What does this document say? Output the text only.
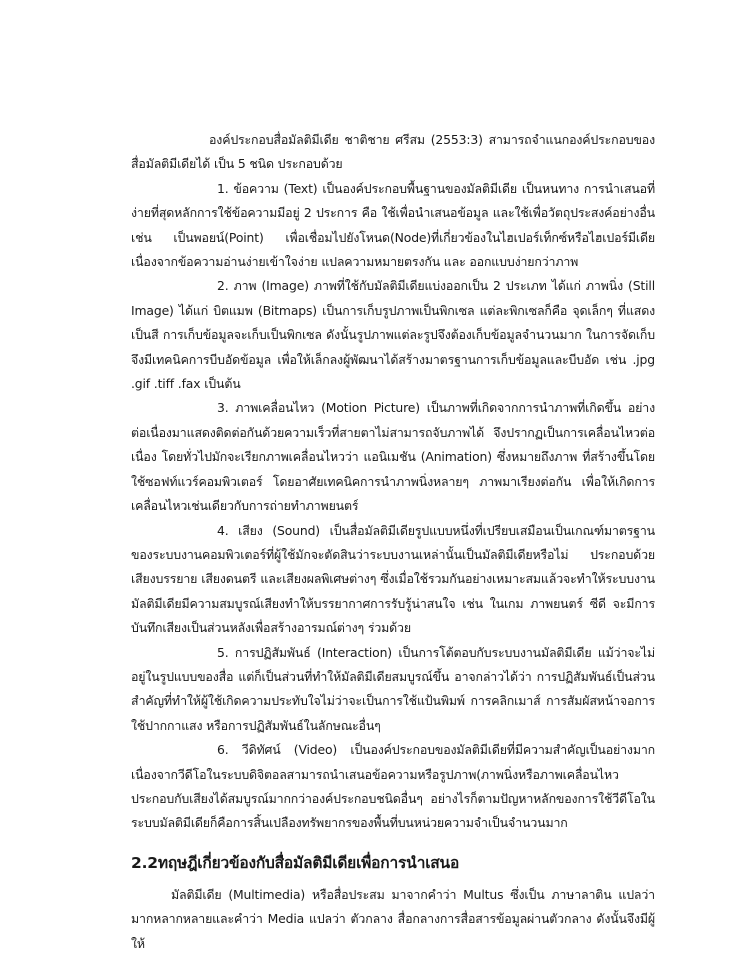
องค์ประกอบสื่อมัลติมีเดีย ชาติชาย ศรีสม (2553:3) สามารถจำแนกองค์ประกอบของสื่อมัลติมีเดียได้ เป็น 5 ชนิด ประกอบด้วย

1. ข้อความ (Text) เป็นองค์ประกอบพื้นฐานของมัลติมีเดีย เป็นหนทาง การนำเสนอที่ง่ายที่สุดหลักการใช้ข้อความมีอยู่ 2 ประการ คือ ใช้เพื่อนำเสนอข้อมูล และใช้เพื่อวัตถุประสงค์อย่างอื่น เช่น เป็นพอยน์(Point) เพื่อเชื่อมไปยังโหนด(Node)ที่เกี่ยวข้องในไฮเปอร์เท็กซ์หรือไฮเปอร์มีเดีย เนื่องจากข้อความอ่านง่ายเข้าใจง่าย แปลความหมายตรงกัน และ ออกแบบง่ายกว่าภาพ

2. ภาพ (Image) ภาพที่ใช้กับมัลติมีเดียแบ่งออกเป็น 2 ประเภท ได้แก่ ภาพนิ่ง (Still Image) ได้แก่ บิตแมพ (Bitmaps) เป็นการเก็บรูปภาพเป็นพิกเซล แต่ละพิกเซลก็คือ จุดเล็กๆ ที่แสดงเป็นสี การเก็บข้อมูลจะเก็บเป็นพิกเซล ดังนั้นรูปภาพแต่ละรูปจึงต้องเก็บข้อมูลจำนวนมาก ในการจัดเก็บจึงมีเทคนิคการบีบอัดข้อมูล เพื่อให้เล็กลงผู้พัฒนาได้สร้างมาตรฐานการเก็บข้อมูลและบีบอัด เช่น .jpg .gif .tiff .fax เป็นต้น

3. ภาพเคลื่อนไหว (Motion Picture) เป็นภาพที่เกิดจากการนำภาพที่เกิดขึ้น อย่างต่อเนื่องมาแสดงติดต่อกันด้วยความเร็วที่สายตาไม่สามารถจับภาพได้ จึงปรากฏเป็นการเคลื่อนไหวต่อเนื่อง โดยทั่วไปมักจะเรียกภาพเคลื่อนไหวว่า แอนิเมชัน (Animation) ซึ่งหมายถึงภาพ ที่สร้างขึ้นโดยใช้ซอฟท์แวร์คอมพิวเตอร์ โดยอาศัยเทคนิคการนำภาพนิ่งหลายๆ ภาพมาเรียงต่อกัน เพื่อให้เกิดการเคลื่อนไหวเช่นเดียวกับการถ่ายทำภาพยนตร์

4. เสียง (Sound) เป็นสื่อมัลติมีเดียรูปแบบหนึ่งที่เปรียบเสมือนเป็นเกณฑ์มาตรฐานของระบบงานคอมพิวเตอร์ที่ผู้ใช้มักจะตัดสินว่าระบบงานเหล่านั้นเป็นมัลติมีเดียหรือไม่ ประกอบด้วยเสียงบรรยาย เสียงดนตรี และเสียงผลพิเศษต่างๆ ซึ่งเมื่อใช้รวมกันอย่างเหมาะสมแล้วจะทำให้ระบบงานมัลติมีเดียมีความสมบูรณ์เสียงทำให้บรรยากาศการรับรู้น่าสนใจ เช่น ในเกม ภาพยนตร์ ซีดี จะมีการบันทึกเสียงเป็นส่วนหลังเพื่อสร้างอารมณ์ต่างๆ ร่วมด้วย

5. การปฏิสัมพันธ์ (Interaction) เป็นการโต้ตอบกับระบบงานมัลติมีเดีย แม้ว่าจะไม่อยู่ในรูปแบบของสื่อ แต่ก็เป็นส่วนที่ทำให้มัลติมีเดียสมบูรณ์ขึ้น อาจกล่าวได้ว่า การปฏิสัมพันธ์เป็นส่วนสำคัญที่ทำให้ผู้ใช้เกิดความประทับใจไม่ว่าจะเป็นการใช้แป้นพิมพ์ การคลิกเมาส์ การสัมผัสหน้าจอการใช้ปากกาแสง หรือการปฏิสัมพันธ์ในลักษณะอื่นๆ

6. วีดิทัศน์ (Video) เป็นองค์ประกอบของมัลติมีเดียที่มีความสำคัญเป็นอย่างมาก เนื่องจากวีดีโอในระบบดิจิตอลสามารถนำเสนอข้อความหรือรูปภาพ(ภาพนิ่งหรือภาพเคลื่อนไหวประกอบกับเสียงได้สมบูรณ์มากกว่าองค์ประกอบชนิดอื่นๆ อย่างไรก็ตามปัญหาหลักของการใช้วีดีโอในระบบมัลติมีเดียก็คือการสิ้นเปลืองทรัพยากรของพื้นที่บนหน่วยความจำเป็นจำนวนมาก

2.2ทฤษฎีเกี่ยวข้องกับสื่อมัลติมีเดียเพื่อการนำเสนอ

มัลติมีเดีย (Multimedia) หรือสื่อประสม มาจากคำว่า Multus ซึ่งเป็น ภาษาลาติน แปลว่า มากหลากหลายและคำว่า Media แปลว่า ตัวกลาง สื่อกลางการสื่อสารข้อมูลผ่านตัวกลาง ดังนั้นจึงมีผู้ให้
